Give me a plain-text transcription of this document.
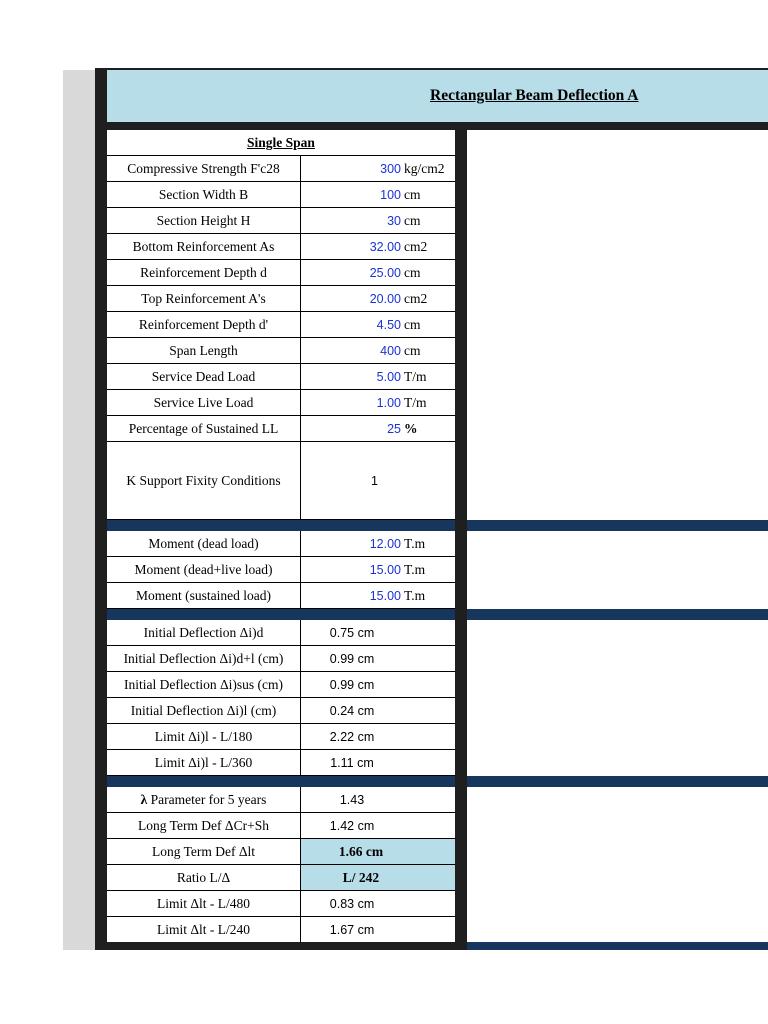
Rectangular Beam Deflection A
Single Span
Compressive Strength F'c28	300 kg/cm2
Section Width B	100 cm
Section Height H	30 cm
Bottom Reinforcement As	32.00 cm2
Reinforcement Depth d	25.00 cm
Top Reinforcement A's	20.00 cm2
Reinforcement Depth d'	4.50 cm
Span Length	400 cm
Service Dead Load	5.00 T/m
Service Live Load	1.00 T/m
Percentage of Sustained LL	25 %
K Support Fixity Conditions	1
Moment (dead load)	12.00 T.m
Moment (dead+live load)	15.00 T.m
Moment (sustained load)	15.00 T.m
Initial Deflection Δi)d	0.75 cm
Initial Deflection Δi)d+l (cm)	0.99 cm
Initial Deflection Δi)sus (cm)	0.99 cm
Initial Deflection Δi)l (cm)	0.24 cm
Limit Δi)l - L/180	2.22 cm
Limit Δi)l - L/360	1.11 cm
λ Parameter for 5 years	1.43
Long Term Def ΔCr+Sh	1.42 cm
Long Term Def Δlt	1.66 cm
Ratio L/Δ	L/ 242
Limit Δlt - L/480	0.83 cm
Limit Δlt - L/240	1.67 cm
